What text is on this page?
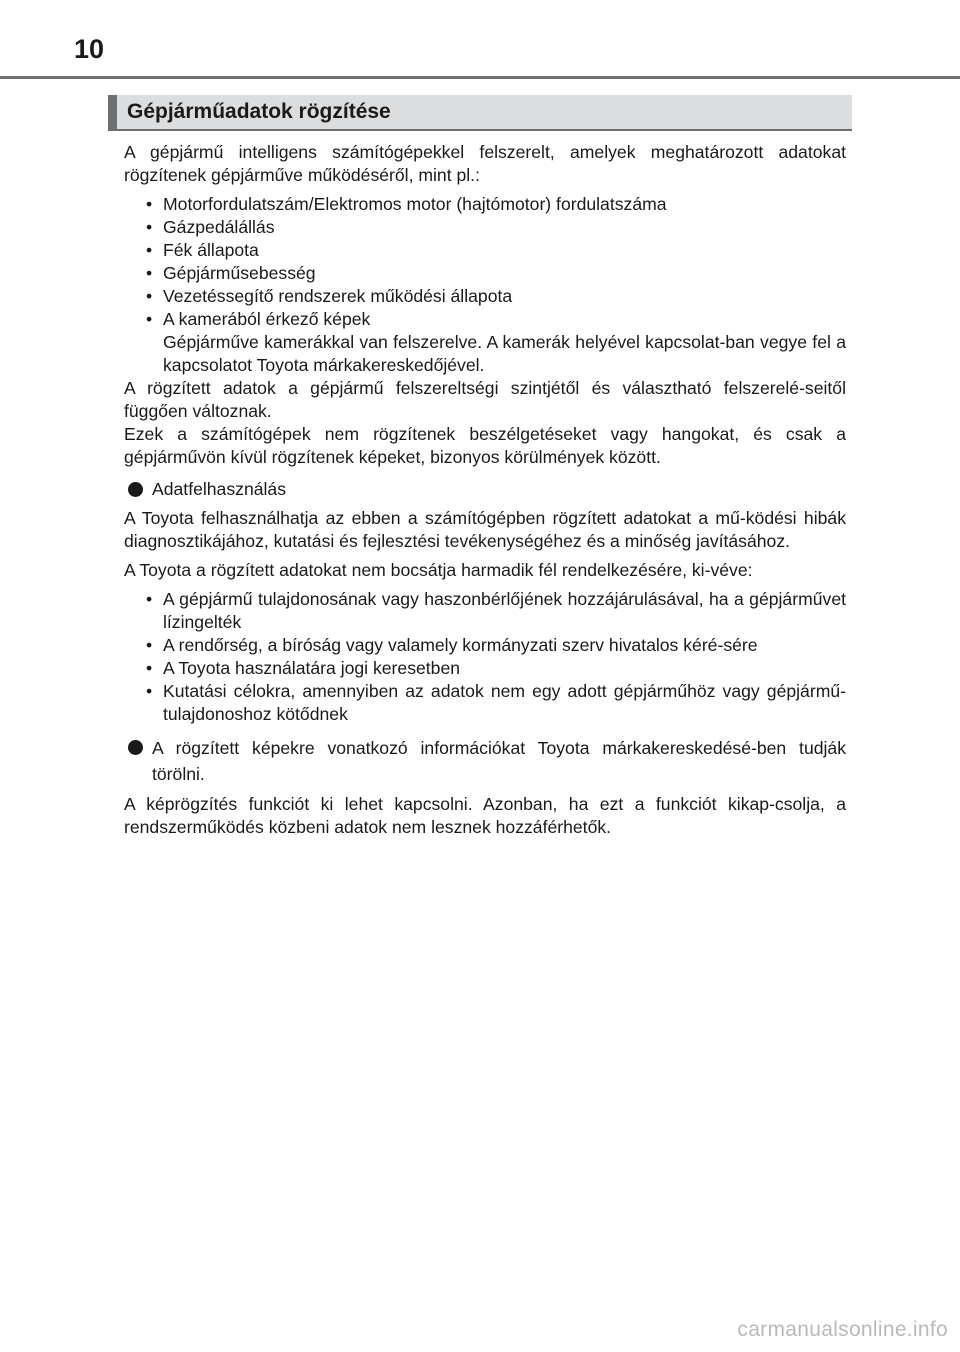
10
Gépjárműadatok rögzítése

A gépjármű intelligens számítógépekkel felszerelt, amelyek meghatározott adatokat rögzítenek gépjárműve működéséről, mint pl.:

• Motorfordulatszám/Elektromos motor (hajtómotor) fordulatszáma
• Gázpedálállás
• Fék állapota
• Gépjárműsebesség
• Vezetéssegítő rendszerek működési állapota
• A kamerából érkező képek
Gépjárműve kamerákkal van felszerelve. A kamerák helyével kapcsolat-ban vegye fel a kapcsolatot Toyota márkakereskedőjével.

A rögzített adatok a gépjármű felszereltségi szintjétől és választható felszerelé-seitől függően változnak.

Ezek a számítógépek nem rögzítenek beszélgetéseket vagy hangokat, és csak a gépjárművön kívül rögzítenek képeket, bizonyos körülmények között.

Adatfelhasználás

A Toyota felhasználhatja az ebben a számítógépben rögzített adatokat a mű-ködési hibák diagnosztikájához, kutatási és fejlesztési tevékenységéhez és a minőség javításához.

A Toyota a rögzített adatokat nem bocsátja harmadik fél rendelkezésére, ki-véve:

• A gépjármű tulajdonosának vagy haszonbérlőjének hozzájárulásával, ha a gépjárművet lízingelték
• A rendőrség, a bíróság vagy valamely kormányzati szerv hivatalos kéré-sére
• A Toyota használatára jogi keresetben
• Kutatási célokra, amennyiben az adatok nem egy adott gépjárműhöz vagy gépjármű-tulajdonoshoz kötődnek
A rögzített képekre vonatkozó információkat Toyota márkakereskedésé-ben tudják törölni.

A képrögzítés funkciót ki lehet kapcsolni. Azonban, ha ezt a funkciót kikap-csolja, a rendszerműködés közbeni adatok nem lesznek hozzáférhetők.

carmanualsonline.info
